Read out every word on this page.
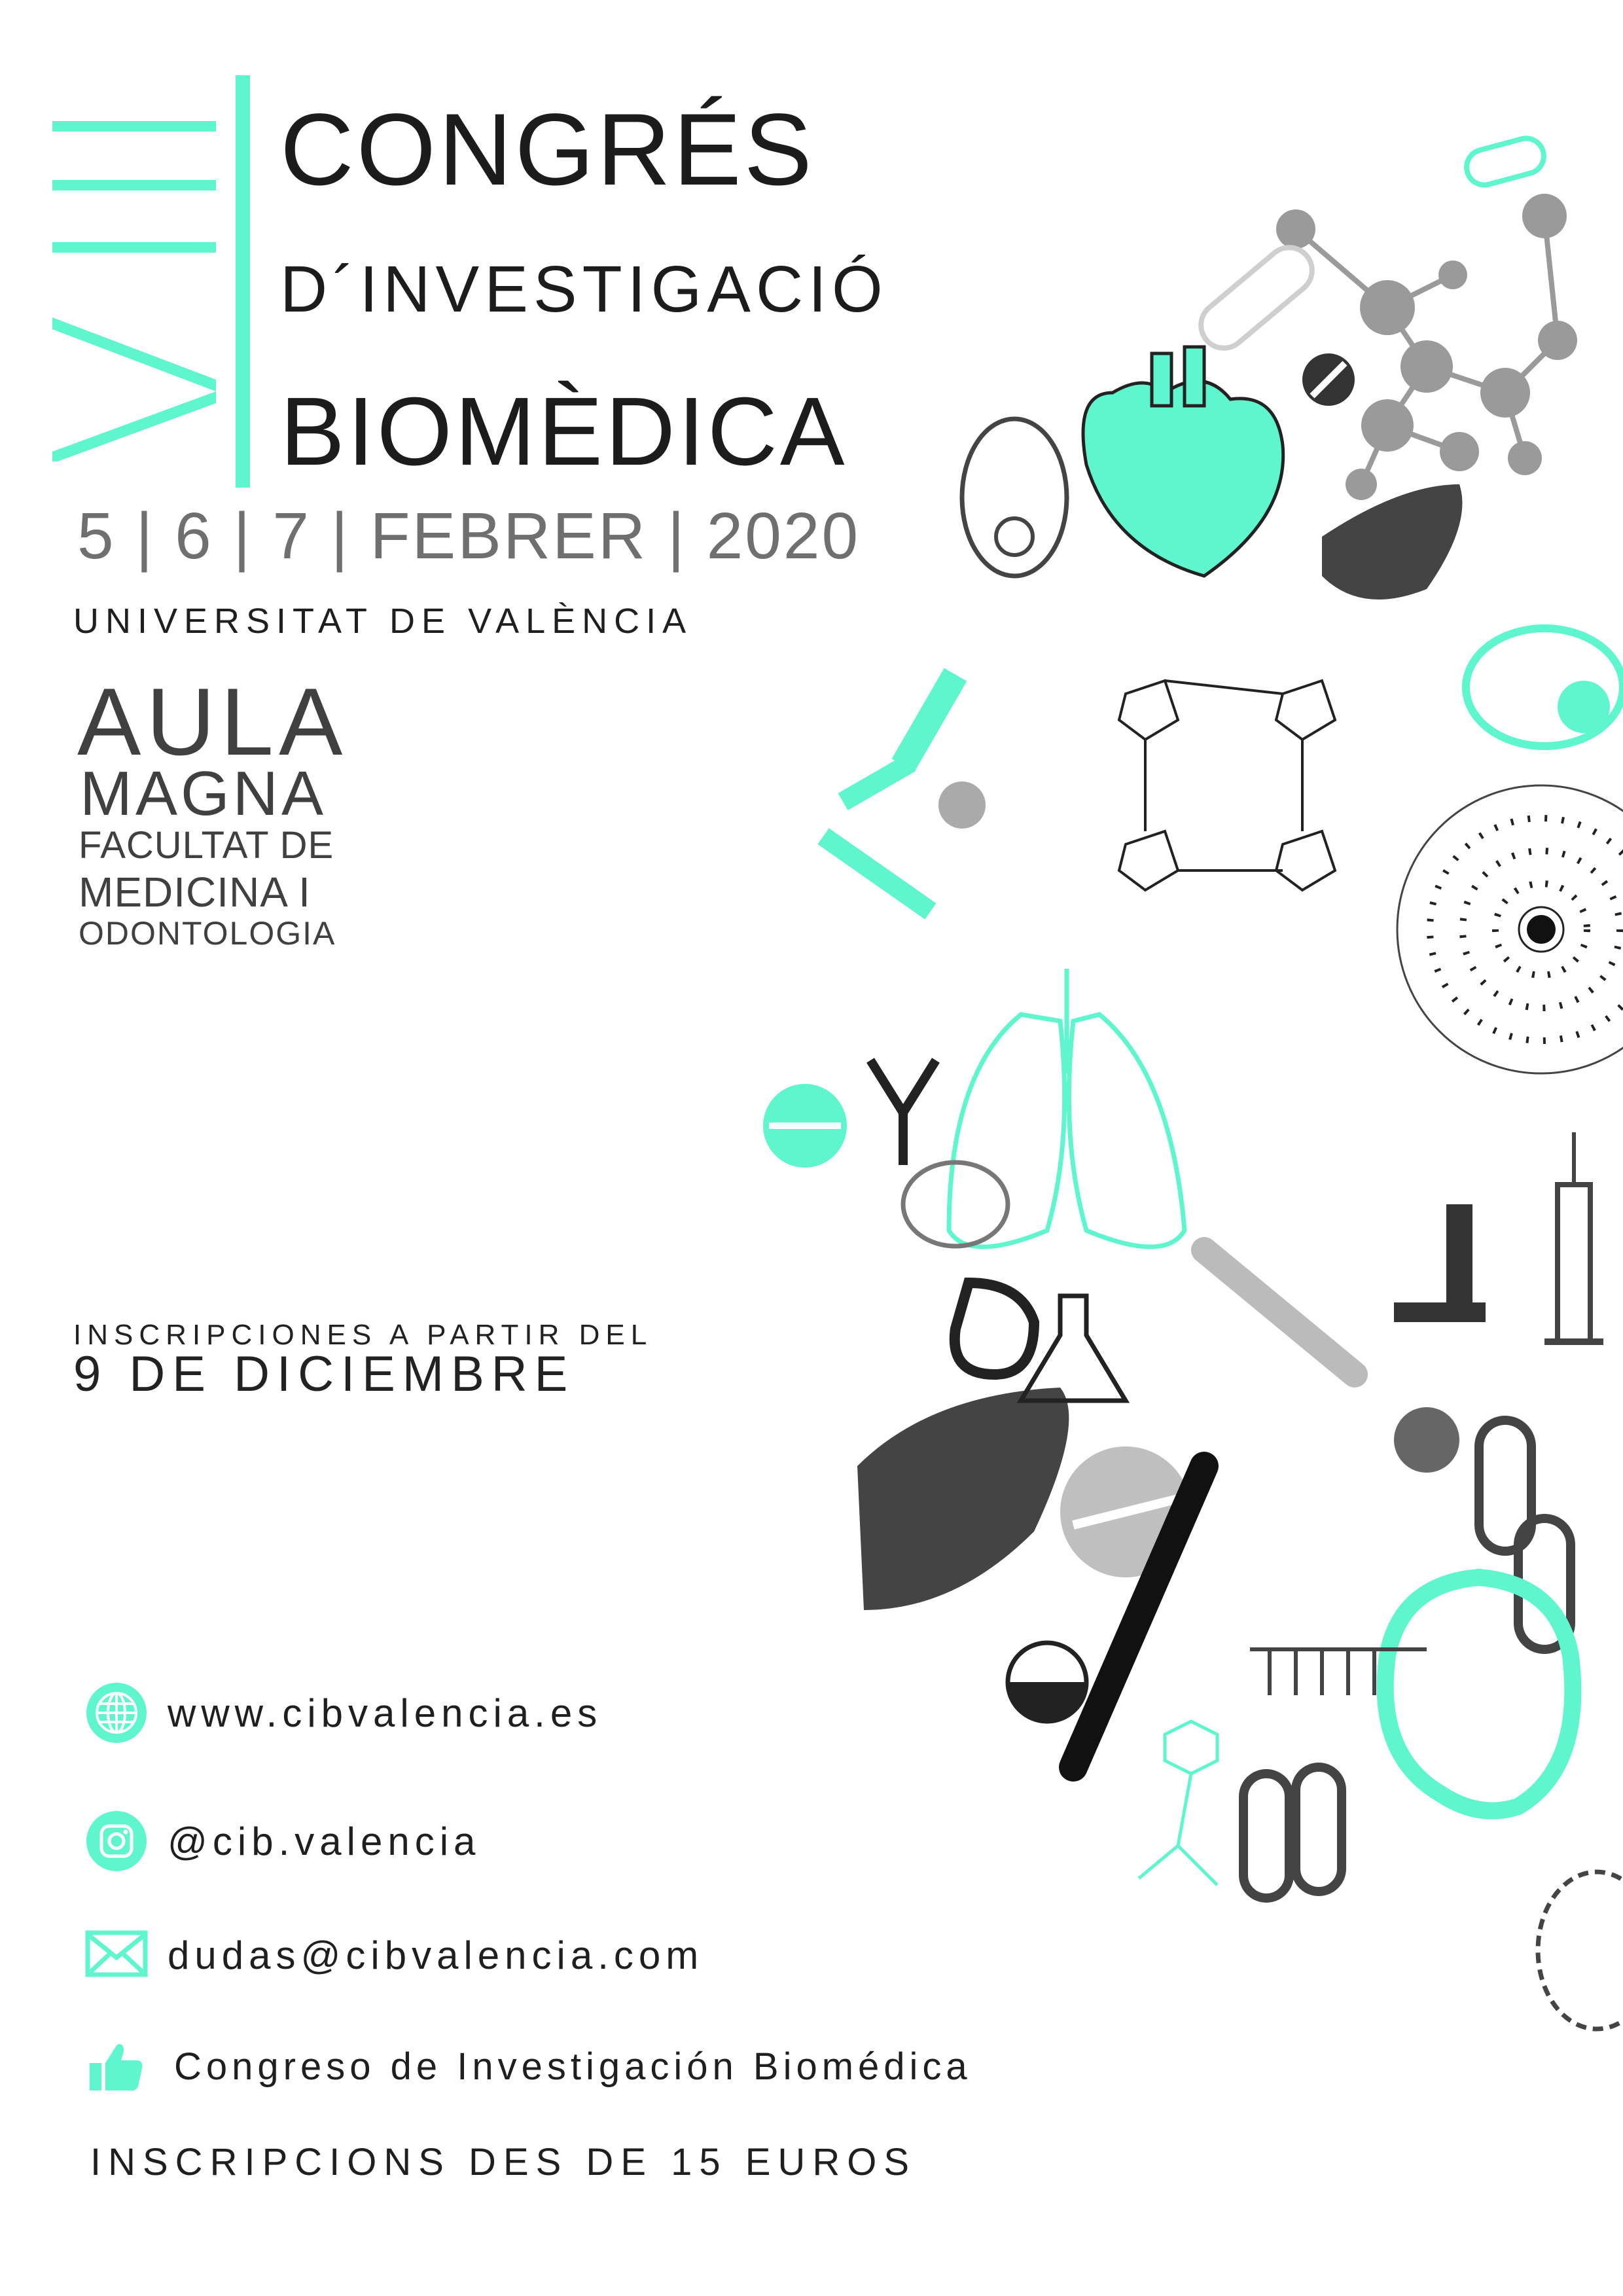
CONGRÉS
D´INVESTIGACIÓ
BIOMÈDICA
5 | 6 | 7 | FEBRER | 2020
UNIVERSITAT DE VALÈNCIA
AULA
MAGNA
FACULTAT DE
MEDICINA I
ODONTOLOGIA
INSCRIPCIONES A PARTIR DEL
9 DE DICIEMBRE
www.cibvalencia.es
@cib.valencia
dudas@cibvalencia.com
Congreso de Investigación Biomédica
INSCRIPCIONS DES DE 15 EUROS
